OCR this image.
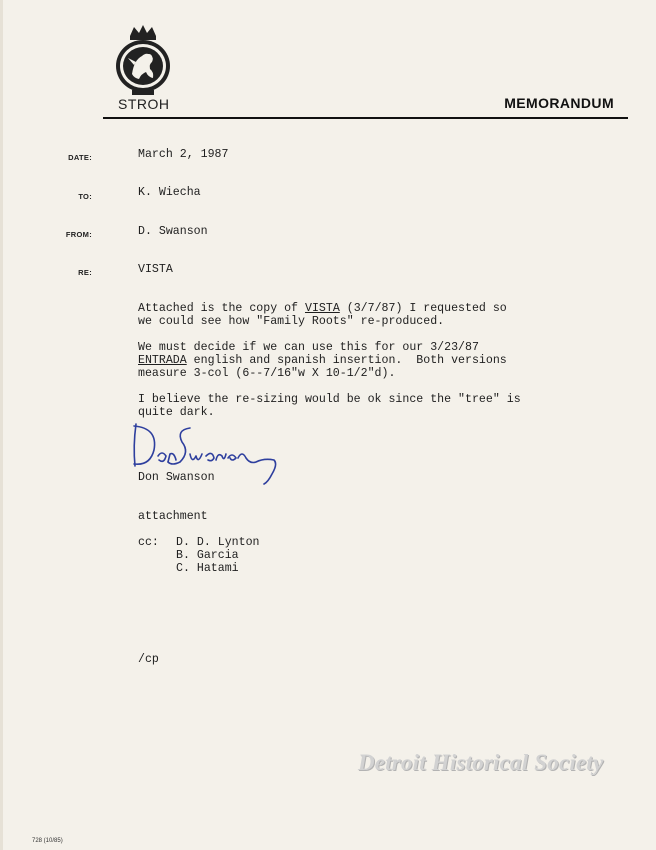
STROH	MEMORANDUM
DATE:	March 2, 1987
TO:	K. Wiecha
FROM:	D. Swanson
RE:	VISTA
Attached is the copy of VISTA (3/7/87) I requested so
we could see how "Family Roots" re-produced.
We must decide if we can use this for our 3/23/87
ENTRADA english and spanish insertion.  Both versions
measure 3-col (6--7/16"w X 10-1/2"d).
I believe the re-sizing would be ok since the "tree" is
quite dark.
Don Swanson
attachment
cc: D. D. Lynton
B. Garcia
C. Hatami
/cp
Detroit Historical Society
728 (10/85)
